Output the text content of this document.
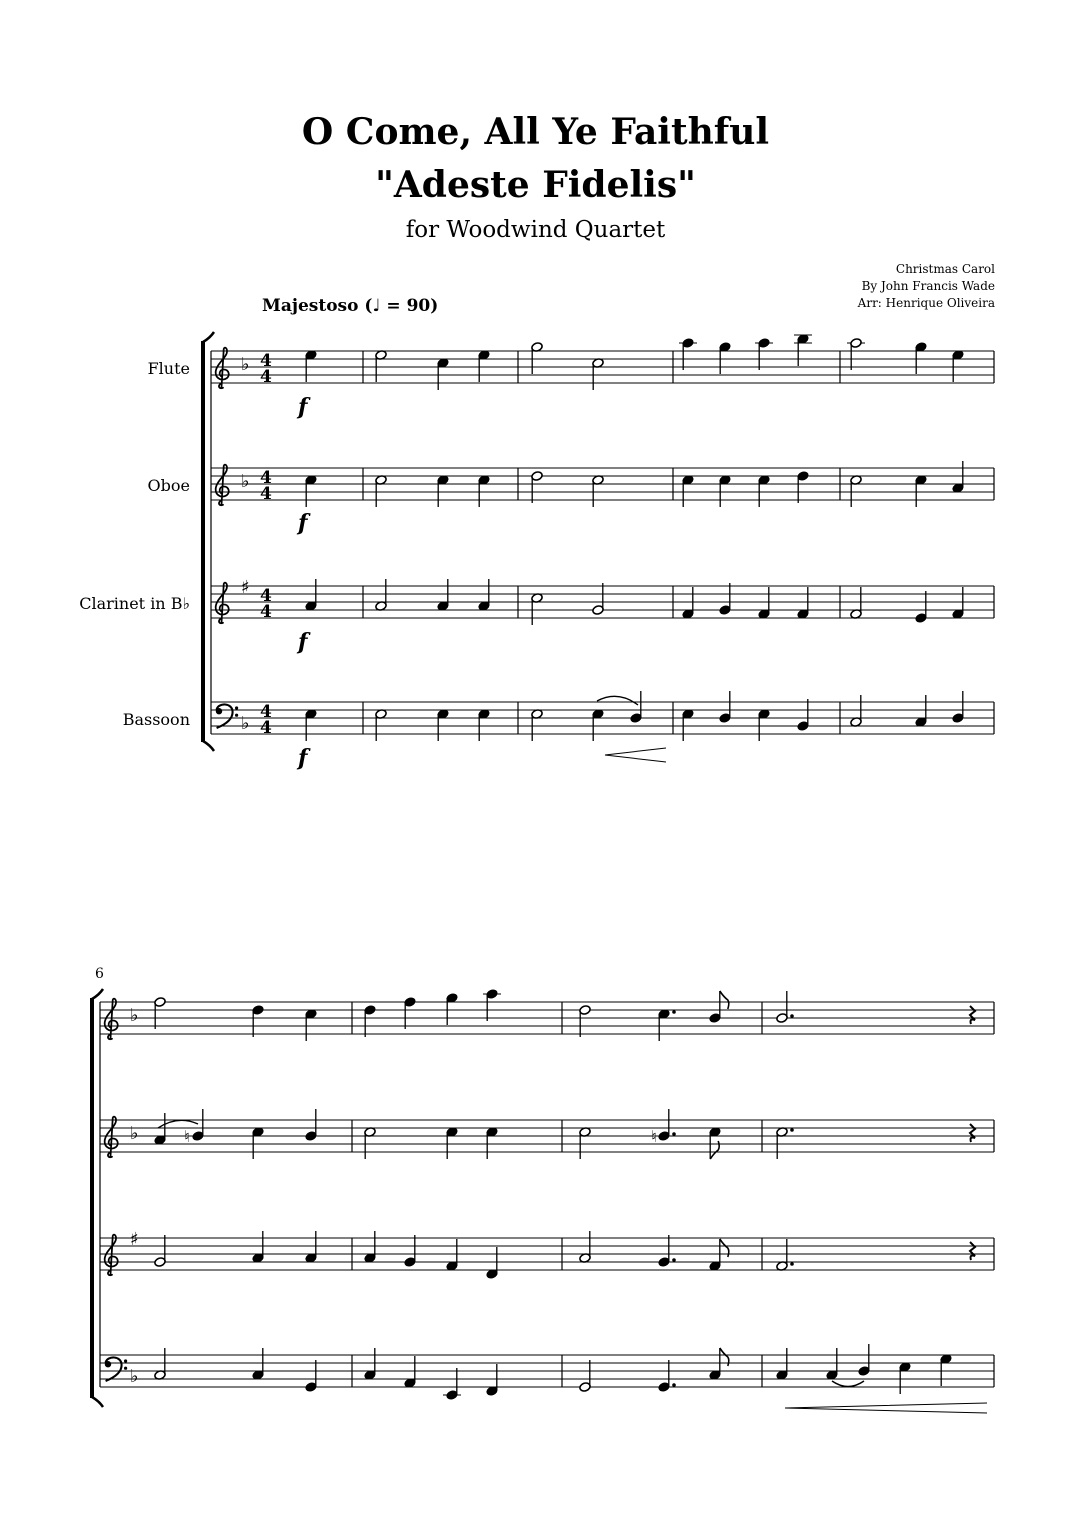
O Come, All Ye Faithful
"Adeste Fidelis"
for Woodwind Quartet
Christmas Carol
By John Francis Wade
Arr: Henrique Oliveira
Majestoso (♩ = 90)
Flute
Oboe
Clarinet in B♭
Bassoon
6
♭
♭
♯
♭
4
4
4
4
4
4
4
4
f
f
f
f
♭
♭
♯
♭
♮	♮
